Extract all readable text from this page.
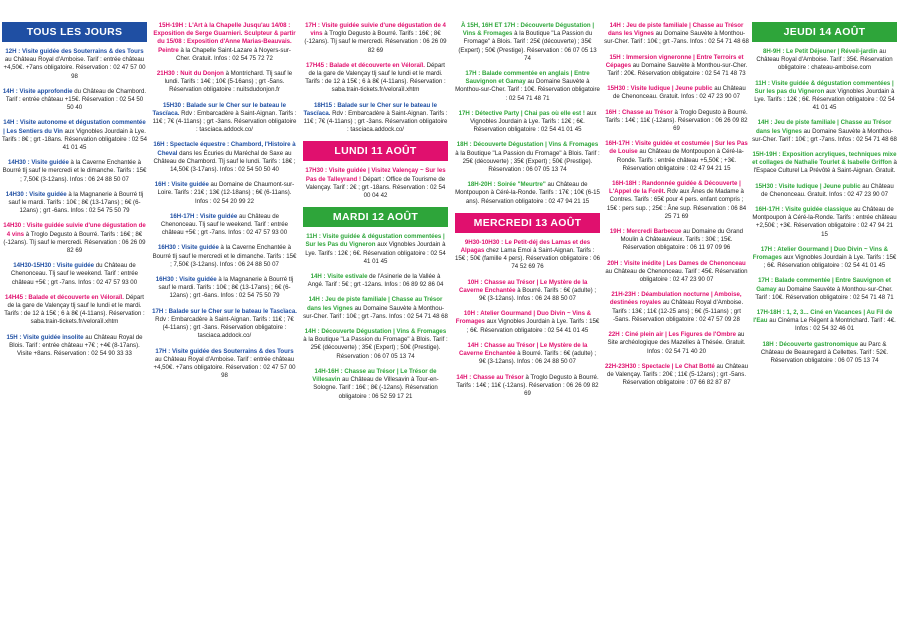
TOUS LES JOURS
12H : Visite guidée des Souterrains & des Tours au Château Royal d'Amboise. Tarif : entrée château +4,50€. +7ans obligatoire. Réservation : 02 47 57 00 98
14H : Visite approfondie du Château de Chambord. Tarif : entrée château +15€. Réservation : 02 54 50 50 40
14H : Visite autonome et dégustation commentée | Les Sentiers du Vin aux Vignobles Jourdain à Lye. Tarifs : 8€ ; grt -18ans. Réservation obligatoire : 02 54 41 01 45
14H30 : Visite guidée à la Caverne Enchantée à Bourré tlj sauf le mercredi et le dimanche. Tarifs : 15€ ; 7,50€ (3-12ans). Infos : 06 24 88 50 07
14H30 : Visite guidée à la Magnanerie à Bourré tlj sauf le mardi. Tarifs : 10€ ; 8€ (13-17ans) ; 6€ (6-12ans) ; grt -6ans. Infos : 02 54 75 50 79
14H30 : Visite guidée suivie d'une dégustation de 4 vins à Troglo Degusto à Bourré. Tarifs : 16€ ; 8€ (-12ans). Tlj sauf le mercredi. Réservation : 06 26 09 82 69
14H30-15H30 : Visite guidée du Château de Chenonceau. Tlj sauf le weekend. Tarif : entrée château +5€ ; grt -7ans. Infos : 02 47 57 93 00
14H45 : Balade et découverte en Véloraïl. Départ de la gare de Valençay tlj sauf le lundi et le mardi. Tarifs : de 12 à 15€ ; 6 à 8€ (4-11ans). Réservation : saba.train-tickets.fr/veloraïl.xhtm
15H : Visite guidée insolite au Château Royal de Blois. Tarif : entrée château +7€ ; +4€ (8-17ans). Visite +8ans. Réservation : 02 54 90 33 33
15H-19H : L'Art à la Chapelle Jusqu'au 14/08 : Exposition de Serge Guarnieri. Sculpteur & partir du 15/08 : Exposition d'Anne Marias-Beauvais. Peintre à la Chapelle Saint-Lazare à Noyers-sur-Cher. Gratuit. Infos : 02 54 75 72 72
21H30 : Nuit du Donjon à Montrichard. Tlj sauf le lundi. Tarifs : 14€ ; 10€ (5-16ans) ; grt -5ans. Réservation obligatoire : nuitsdudonjon.fr
15H30 : Balade sur le Cher sur le bateau le Tascïaca. Rdv : Embarcadère à Saint-Aignan. Tarifs : 11€ ; 7€ (4-11ans) ; grt -3ans. Réservation obligatoire : tasciaca.addock.co/
16H : Spectacle équestre : Chambord, l'Histoire à Cheval dans les Écuries du Maréchal de Saxe au Château de Chambord. Tlj sauf le lundi. Tarifs : 18€ ; 14,50€ (3-17ans). Infos : 02 54 50 50 40
16H : Visite guidée au Domaine de Chaumont-sur-Loire. Tarifs : 21€ ; 13€ (12-18ans) ; 6€ (6-11ans). Infos : 02 54 20 99 22
16H-17H : Visite guidée au Château de Chenonceau. Tlj sauf le weekend. Tarif : entrée château +5€ ; grt -7ans. Infos : 02 47 57 93 00
16H30 : Visite guidée à la Caverne Enchantée à Bourré tlj sauf le mercredi et le dimanche. Tarifs : 15€ ; 7,50€ (3-12ans). Infos : 06 24 88 50 07
16H30 : Visite guidée à la Magnanerie à Bourré tlj sauf le mardi. Tarifs : 10€ ; 8€ (13-17ans) ; 6€ (6-12ans) ; grt -6ans. Infos : 02 54 75 50 79
17H : Balade sur le Cher sur le bateau le Tascïaca. Rdv : Embarcadère à Saint-Aignan. Tarifs : 11€ ; 7€ (4-11ans) ; grt -3ans. Réservation obligatoire : tasciaca.addock.co/
17H : Visite guidée des Souterrains & des Tours au Château Royal d'Amboise. Tarif : entrée château +4,50€. +7ans obligatoire. Réservation : 02 47 57 00 98
17H : Visite guidée suivie d'une dégustation de 4 vins à Troglo Degusto à Bourré. Tarifs : 16€ ; 8€ (-12ans). Tlj sauf le mercredi. Réservation : 06 26 09 82 69
17H45 : Balade et découverte en Véloraïl. Départ de la gare de Valençay tlj sauf le lundi et le mardi. Tarifs : de 12 à 15€ ; 6 à 8€ (4-11ans). Réservation : saba.train-tickets.fr/veloraïl.xhtm
18H15 : Balade sur le Cher sur le bateau le Tascïaca. Rdv : Embarcadère à Saint-Aignan. Tarifs : 11€ ; 7€ (4-11ans) ; grt -3ans. Réservation obligatoire : tasciaca.addock.co/
LUNDI 11 AOÛT
17H30 : Visite guidée | Visitez Valençay ~ Sur les Pas de Talleyrand ! Départ : Office de Tourisme de Valençay. Tarif : 2€ ; grt -18ans. Réservation : 02 54 00 04 42
MARDI 12 AOÛT
11H : Visite guidée & dégustation commentées | Sur les Pas du Vigneron aux Vignobles Jourdain à Lye. Tarifs : 12€ ; 6€. Réservation obligatoire : 02 54 41 01 45
14H : Visite estivale de l'Asinerie de la Vallée à Angé. Tarif : 5€ ; grt -12ans. Infos : 06 89 92 86 04
14H : Jeu de piste familiale | Chasse au Trésor dans les Vignes au Domaine Sauvète à Monthou-sur-Cher. Tarif : 10€ ; grt -7ans. Infos : 02 54 71 48 68
14H : Découverte Dégustation | Vins & Fromages à la Boutique "La Passion du Fromage" à Blois. Tarif : 25€ (découverte) ; 35€ (Expert) ; 50€ (Prestige). Réservation : 06 07 05 13 74
14H-16H : Chasse au Trésor | Le Trésor de Villesavin au Château de Villesavin à Tour-en-Sologne. Tarif : 16€ ; 8€ (-12ans). Réservation obligatoire : 06 52 59 17 21
À 15H, 16H ET 17H : Découverte Dégustation | Vins & Fromages à la Boutique "La Passion du Fromage" à Blois. Tarif : 25€ (découverte) ; 35€ (Expert) ; 50€ (Prestige). Réservation : 06 07 05 13 74
17H : Balade commentée en anglais | Entre Sauvignon et Gamay au Domaine Sauvète à Monthou-sur-Cher. Tarif : 10€. Réservation obligatoire : 02 54 71 48 71
17H : Détective Party | Chai pas où elle est ! aux Vignobles Jourdain à Lye. Tarifs : 12€ ; 6€. Réservation obligatoire : 02 54 41 01 45
18H : Découverte Dégustation | Vins & Fromages à la Boutique "La Passion du Fromage" à Blois. Tarif : 25€ (découverte) ; 35€ (Expert) ; 50€ (Prestige). Réservation : 06 07 05 13 74
18H-20H : Soirée "Meurtre" au Château de Montpoupon à Céré-la-Ronde. Tarifs : 17€ ; 10€ (6-15 ans). Réservation obligatoire : 02 47 94 21 15
MERCREDI 13 AOÛT
9H30-10H30 : Le Petit-déj des Lamas et des Alpagas chez Lama Emoi à Saint-Aignan. Tarifs : 15€ ; 50€ (famille 4 pers). Réservation obligatoire : 06 74 52 69 76
10H : Chasse au Trésor | Le Mystère de la Caverne Enchantée à Bourré. Tarifs : 6€ (adulte) ; 9€ (3-12ans). Infos : 06 24 88 50 07
10H : Atelier Gourmand | Duo Divin ~ Vins & Fromages aux Vignobles Jourdain à Lye. Tarifs : 15€ ; 6€. Réservation obligatoire : 02 54 41 01 45
14H : Chasse au Trésor | Le Mystère de la Caverne Enchantée à Bourré. Tarifs : 6€ (adulte) ; 9€ (3-12ans). Infos : 06 24 88 50 07
14H : Chasse au Trésor à Troglo Degusto à Bourré. Tarifs : 14€ ; 11€ (-12ans). Réservation : 06 26 09 82 69
14H : Jeu de piste familiale | Chasse au Trésor dans les Vignes au Domaine Sauvète à Monthou-sur-Cher. Tarif : 10€ ; grt -7ans. Infos : 02 54 71 48 68
15H : Immersion vigneronne | Entre Terroirs et Cépages au Domaine Sauvète à Monthou-sur-Cher. Tarif : 20€. Réservation obligatoire : 02 54 71 48 73
15H30 : Visite ludique | Jeune public au Château de Chenonceau. Gratuit. Infos : 02 47 23 90 07
16H : Chasse au Trésor à Troglo Degusto à Bourré. Tarifs : 14€ ; 11€ (-12ans). Réservation : 06 26 09 82 69
16H-17H : Visite guidée et costumée | Sur les Pas de Louise au Château de Montpoupon à Céré-la-Ronde. Tarifs : entrée château +5,50€ ; +3€. Réservation obligatoire : 02 47 94 21 15
16H-18H : Randonnée guidée & Découverte | L'Appel de la Forêt. Rdv aux Ânes de Madame à Contres. Tarifs : 65€ pour 4 pers. enfant compris ; 15€ : pers sup. ; 25€ : Âne sup. Réservation : 06 84 25 71 69
19H : Mercredi Barbecue au Domaine du Grand Moulin à Châteauvieux. Tarifs : 30€ ; 15€. Réservation obligatoire : 06 11 97 09 96
20H : Visite inédite | Les Dames de Chenonceau au Château de Chenonceau. Tarif : 45€. Réservation obligatoire : 02 47 23 90 07
21H-23H : Déambulation nocturne | Amboise, destinées royales au Château Royal d'Amboise. Tarifs : 13€ ; 11€ (12-25 ans) ; 6€ (5-11ans) ; grt -5ans. Réservation obligatoire : 02 47 57 09 28
22H : Ciné plein air | Les Figures de l'Ombre au Site archéologique des Mazelles à Thésée. Gratuit. Infos : 02 54 71 40 20
22H-23H30 : Spectacle | Le Chat Botté au Château de Valençay. Tarifs : 20€ ; 11€ (5-12ans) ; grt -5ans. Réservation obligatoire : 07 66 82 87 87
JEUDI 14 AOÛT
8H-9H : Le Petit Déjeuner | Réveil-jardin au Château Royal d'Amboise. Tarif : 35€. Réservation obligatoire : chateau-amboise.com
11H : Visite guidée & dégustation commentées | Sur les pas du Vigneron aux Vignobles Jourdain à Lye. Tarifs : 12€ ; 6€. Réservation obligatoire : 02 54 41 01 45
14H : Jeu de piste familiale | Chasse au Trésor dans les Vignes au Domaine Sauvète à Monthou-sur-Cher. Tarif : 10€ ; grt -7ans. Infos : 02 54 71 48 68
15H-19H : Exposition acryliques, techniques mixe et collages de Nathalie Tourlet & Isabelle Griffon à l'Espace Culturel La Prévôté à Saint-Aignan. Gratuit.
15H30 : Visite ludique | Jeune public au Château de Chenonceau. Gratuit. Infos : 02 47 23 90 07
16H-17H : Visite guidée classique au Château de Montpoupon à Céré-la-Ronde. Tarifs : entrée château +2,50€ ; +3€. Réservation obligatoire : 02 47 94 21 15
17H : Atelier Gourmand | Duo Divin ~ Vins & Fromages aux Vignobles Jourdain à Lye. Tarifs : 15€ ; 6€. Réservation obligatoire : 02 54 41 01 45
17H : Balade commentée | Entre Sauvignon et Gamay au Domaine Sauvète à Monthou-sur-Cher. Tarif : 10€. Réservation obligatoire : 02 54 71 48 71
17H-18H : 1, 2, 3... Ciné en Vacances | Au Fil de l'Eau au Cinéma Le Régent à Montrichard. Tarif : 4€. Infos : 02 54 32 46 01
18H : Découverte gastronomique au Parc & Château de Beauregard à Cellettes. Tarif : 52€. Réservation obligatoire : 06 07 05 13 74
